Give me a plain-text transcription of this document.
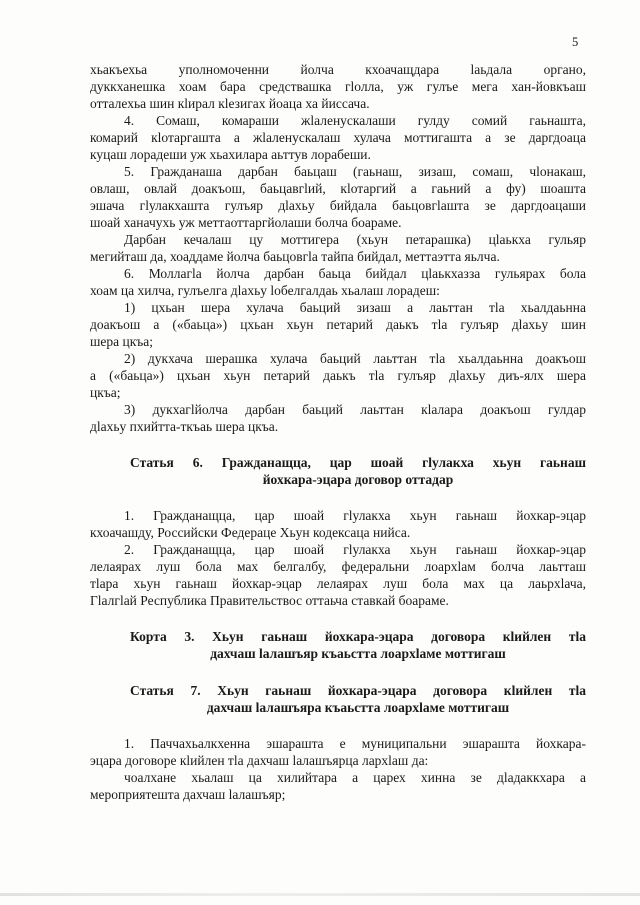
5

хьакъехьа уполномоченни йолча кхоачащдара lаьдала органо,
дуккханешка хоам бара средствашка гlолла, уж гулъе мега хан-йовкъаш
отталехьа шин кlирал кlезигах йоаца ха йиссача.

4. Сомаш, комараши жlаленускалаши гулду сомий гаьнашта,
комарий кlотаргашта а жlаленускалаш хулача моттигашта а зе даргдоаца
куцаш лорадеши уж хьахилара аьттув лорабеши.

5. Гражданаша дарбан баьцаш (гаьнаш, зизаш, сомаш, чlонакаш,
овлаш, овлай доакъош, баьцавгlий, кlотаргий а гаьний а фу) шоашта
эшача гlулакхашта гулъяр дlахьу бийдала баьцовгlашта зе даргдоацаши
шоай ханачухь уж меттаоттаргйолаши болча боараме.

Дарбан кечалаш цу моттигера (хьун петарашка) цlаькха гульяр
мегийташ да, хоаддаме йолча баьцовгlа тайпа бийдал, меттаэтта яьлча.

6. Моллагlа йолча дарбан баьца бийдал цlаькхазза гульярах бола
хоам ца хилча, гулъелга дlахьу lобелгалдаь хьалаш лорадеш:

1) цхьан шера хулача баьций зизаш а лаьттан тlа хьалдаьнна
доакъош а («баьца») цхьан хьун петарий даькъ тlа гулъяр дlахьу шин
шера цкъа;

2) дукхача шерашка хулача баьций лаьттан тlа хьалдаьнна доакъош
а («баьца») цхьан хьун петарий даькъ тlа гулъяр дlахьу диъ-ялх шера
цкъа;

3) дукхагlйолча дарбан баьций лаьттан кlалара доакъош гулдар
дlахьу пхийтта-ткъаь шера цкъа.

Статья 6. Гражданащца, цар шоай гlулакха хьун гаьнаш
йохкара-эцара договор оттадар

1. Гражданащца, цар шоай гlулакха хьун гаьнаш йохкар-эцар
кхоачашду, Российски Федераце Хьун кодексаца нийса.

2. Гражданащца, цар шоай гlулакха хьун гаьнаш йохкар-эцар
лелаярах луш бола мах белгалбу, федеральни лоархlам болча лаьтташ
тlара хьун гаьнаш йохкар-эцар лелаярах луш бола мах ца лаьрхlача,
Гlалгlай Республика Правительствос оттаьча ставкай боараме.

Корта 3. Хьун гаьнаш йохкара-эцара договора кlийлен тlа
дахчаш lалашъяр къаьстта лоархlаме моттигаш
Статья 7. Хьун гаьнаш йохкара-эцара договора кlийлен тlа
дахчаш lалашъяра къаьстта лоархlаме моттигаш

1. Паччахьалкхенна эшараштa е муниципальни эшараштa йохкара-
эцара договоре кlийлен тlа дахчаш lалашъярца лархlаш да:

чоалхане хьалаш ца хилийтара а царех хинна зе дlадаккхара а
мероприятешта дахчаш lалашъяр;
